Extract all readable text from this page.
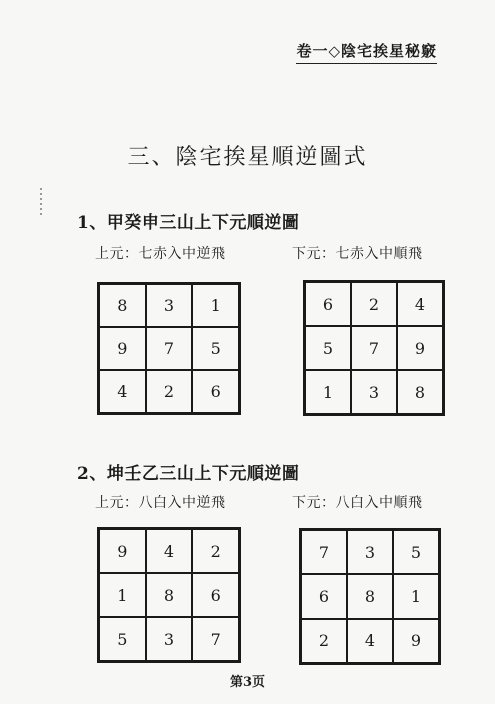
卷一◇陰宅挨星秘竅
三、陰宅挨星順逆圖式
1、甲癸申三山上下元順逆圖
上元：七赤入中逆飛	下元：七赤入中順飛
8	3	1
9	7	5
4	2	6
6	2	4
5	7	9
1	3	8
2、坤壬乙三山上下元順逆圖
上元：八白入中逆飛	下元：八白入中順飛
9	4	2
1	8	6
5	3	7
7	3	5
6	8	1
2	4	9
第3页
